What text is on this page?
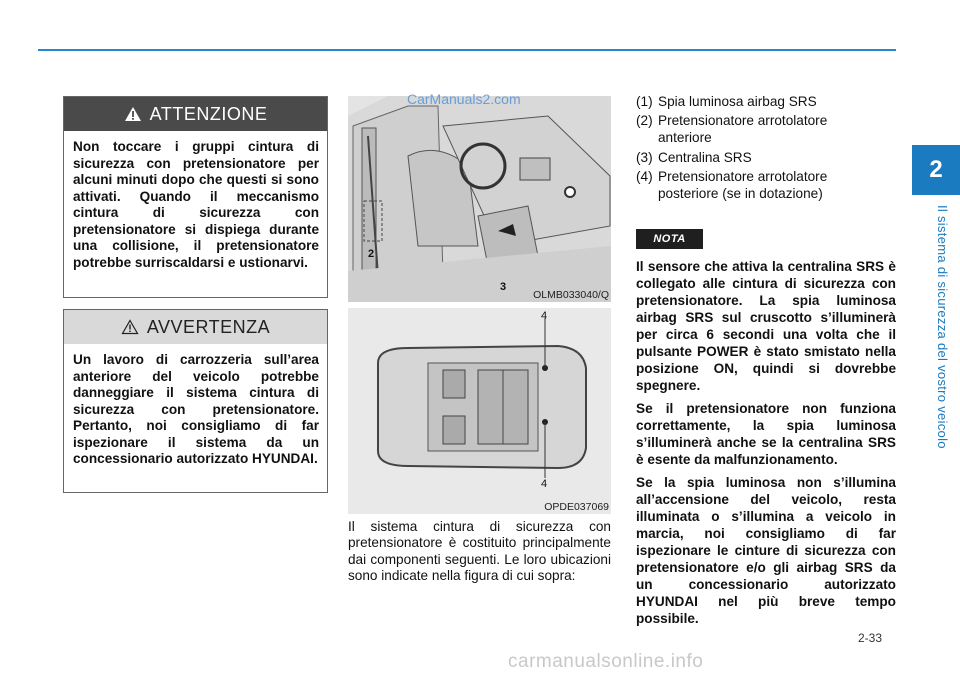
2
Il sistema di sicurezza del vostro veicolo
ATTENZIONE
Non toccare i gruppi cintura di sicurezza con pretensionatore per alcuni minuti dopo che questi si sono attivati. Quando il meccanismo cintura di sicurezza con pretensionatore si dispiega durante una collisione, il pretensionatore potrebbe surriscaldarsi e ustionarvi.
AVVERTENZA
Un lavoro di carrozzeria sull’area anteriore del veicolo potrebbe danneggiare il sistema cintura di sicurezza con pretensionatore. Pertanto, noi consigliamo di far ispezionare il sistema da un concessionario autorizzato HYUNDAI.
2
3
OLMB033040/Q
4
4
OPDE037069
CarManuals2.com
Il sistema cintura di sicurezza con pretensionatore è costituito principalmente dai componenti seguenti. Le loro ubicazioni sono indicate nella figura di cui sopra:
(1) Spia luminosa airbag SRS
(2) Pretensionatore arrotolatore anteriore
(3) Centralina SRS
(4) Pretensionatore arrotolatore posteriore (se in dotazione)
NOTA

Il sensore che attiva la centralina SRS è collegato alle cintura di sicurezza con pretensionatore. La spia luminosa airbag SRS sul cruscotto s’illuminerà per circa 6 secondi una volta che il pulsante POWER è stato smistato nella posizione ON, quindi si dovrebbe spegnere.

Se il pretensionatore non funziona correttamente, la spia luminosa s’illuminerà anche se la centralina SRS è esente da malfunzionamento.

Se la spia luminosa non s’illumina all’accensione del veicolo, resta illuminata o s’illumina a veicolo in marcia, noi consigliamo di far ispezionare le cinture di sicurezza con pretensionatore e/o gli airbag SRS da un concessionario autorizzato HYUNDAI nel più breve tempo possibile.

2-33
carmanualsonline.info
